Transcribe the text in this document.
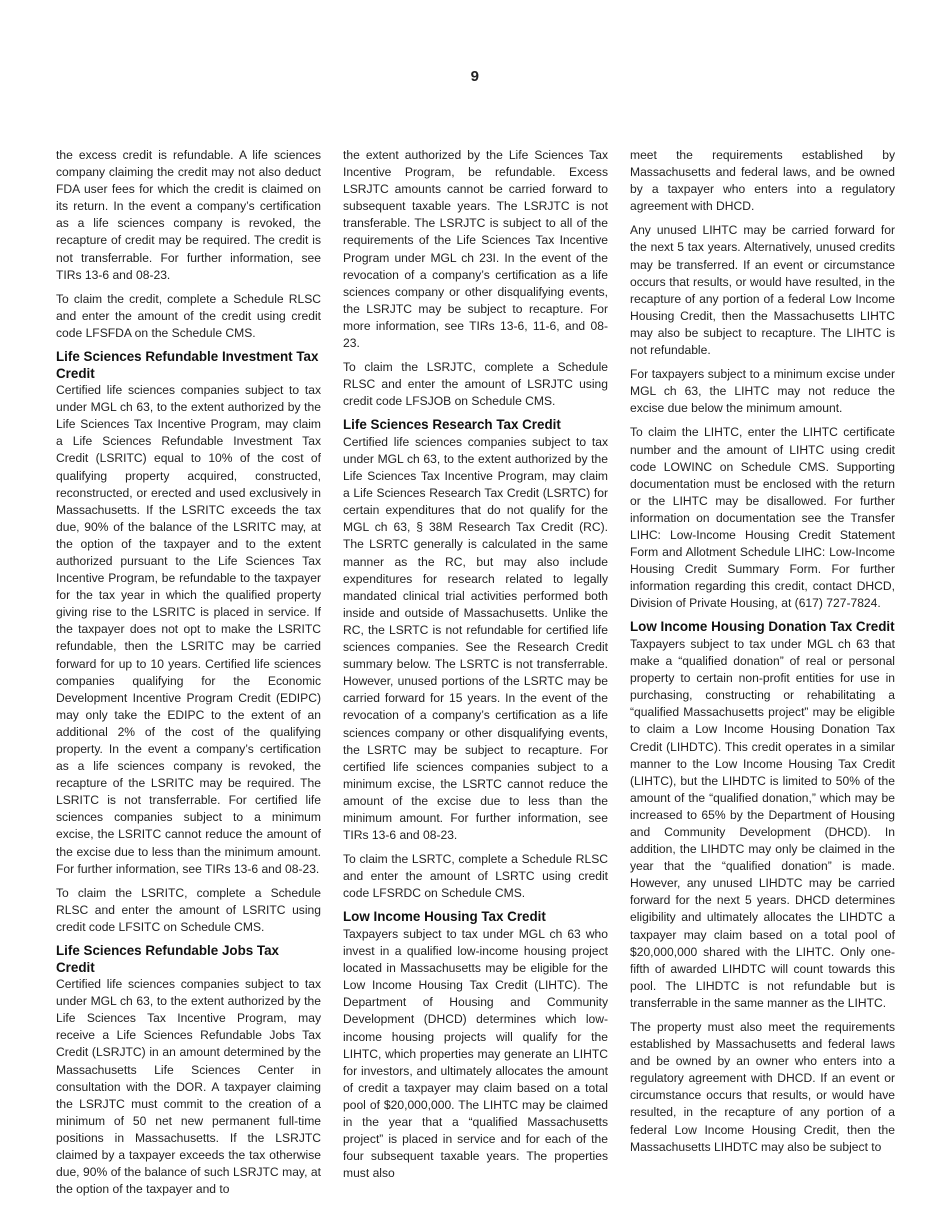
9

the excess credit is refundable. A life sciences company claiming the credit may not also deduct FDA user fees for which the credit is claimed on its return. In the event a company’s certification as a life sciences company is revoked, the recapture of credit may be required. The credit is not transferrable. For further information, see TIRs 13-6 and 08-23.

To claim the credit, complete a Schedule RLSC and enter the amount of the credit using credit code LFSFDA on the Schedule CMS.

Life Sciences Refundable Investment Tax Credit

Certified life sciences companies subject to tax under MGL ch 63, to the extent authorized by the Life Sciences Tax Incentive Program, may claim a Life Sciences Refundable Investment Tax Credit (LSRITC) equal to 10% of the cost of qualifying property acquired, constructed, reconstructed, or erected and used exclusively in Massachusetts. If the LSRITC exceeds the tax due, 90% of the balance of the LSRITC may, at the option of the taxpayer and to the extent authorized pursuant to the Life Sciences Tax Incentive Program, be refundable to the taxpayer for the tax year in which the qualified property giving rise to the LSRITC is placed in service. If the taxpayer does not opt to make the LSRITC refundable, then the LSRITC may be carried forward for up to 10 years. Certified life sciences companies qualifying for the Economic Development Incentive Program Credit (EDIPC) may only take the EDIPC to the extent of an additional 2% of the cost of the qualifying property. In the event a company’s certification as a life sciences company is revoked, the recapture of the LSRITC may be required. The LSRITC is not transferrable. For certified life sciences companies subject to a minimum excise, the LSRITC cannot reduce the amount of the excise due to less than the minimum amount. For further information, see TIRs 13-6 and 08-23.

To claim the LSRITC, complete a Schedule RLSC and enter the amount of LSRITC using credit code LFSITC on Schedule CMS.

Life Sciences Refundable Jobs Tax Credit

Certified life sciences companies subject to tax under MGL ch 63, to the extent authorized by the Life Sciences Tax Incentive Program, may receive a Life Sciences Refundable Jobs Tax Credit (LSRJTC) in an amount determined by the Massachusetts Life Sciences Center in consultation with the DOR. A taxpayer claiming the LSRJTC must commit to the creation of a minimum of 50 net new permanent full-time positions in Massachusetts. If the LSRJTC claimed by a taxpayer exceeds the tax otherwise due, 90% of the balance of such LSRJTC may, at the option of the taxpayer and to

the extent authorized by the Life Sciences Tax Incentive Program, be refundable. Excess LSRJTC amounts cannot be carried forward to subsequent taxable years. The LSRJTC is not transferable. The LSRJTC is subject to all of the requirements of the Life Sciences Tax Incentive Program under MGL ch 23I. In the event of the revocation of a company’s certification as a life sciences company or other disqualifying events, the LSRJTC may be subject to recapture. For more information, see TIRs 13-6, 11-6, and 08-23.

To claim the LSRJTC, complete a Schedule RLSC and enter the amount of LSRJTC using credit code LFSJOB on Schedule CMS.

Life Sciences Research Tax Credit

Certified life sciences companies subject to tax under MGL ch 63, to the extent authorized by the Life Sciences Tax Incentive Program, may claim a Life Sciences Research Tax Credit (LSRTC) for certain expenditures that do not qualify for the MGL ch 63, § 38M Research Tax Credit (RC). The LSRTC generally is calculated in the same manner as the RC, but may also include expenditures for research related to legally mandated clinical trial activities performed both inside and outside of Massachusetts. Unlike the RC, the LSRTC is not refundable for certified life sciences companies. See the Research Credit summary below. The LSRTC is not transferrable. However, unused portions of the LSRTC may be carried forward for 15 years. In the event of the revocation of a company’s certification as a life sciences company or other disqualifying events, the LSRTC may be subject to recapture. For certified life sciences companies subject to a minimum excise, the LSRTC cannot reduce the amount of the excise due to less than the minimum amount. For further information, see TIRs 13-6 and 08-23.

To claim the LSRTC, complete a Schedule RLSC and enter the amount of LSRTC using credit code LFSRDC on Schedule CMS.

Low Income Housing Tax Credit

Taxpayers subject to tax under MGL ch 63 who invest in a qualified low-income housing project located in Massachusetts may be eligible for the Low Income Housing Tax Credit (LIHTC). The Department of Housing and Community Development (DHCD) determines which low-income housing projects will qualify for the LIHTC, which properties may generate an LIHTC for investors, and ultimately allocates the amount of credit a taxpayer may claim based on a total pool of $20,000,000. The LIHTC may be claimed in the year that a “qualified Massachusetts project” is placed in service and for each of the four subsequent taxable years. The properties must also

meet the requirements established by Massachusetts and federal laws, and be owned by a taxpayer who enters into a regulatory agreement with DHCD.

Any unused LIHTC may be carried forward for the next 5 tax years. Alternatively, unused credits may be transferred. If an event or circumstance occurs that results, or would have resulted, in the recapture of any portion of a federal Low Income Housing Credit, then the Massachusetts LIHTC may also be subject to recapture. The LIHTC is not refundable.

For taxpayers subject to a minimum excise under MGL ch 63, the LIHTC may not reduce the excise due below the minimum amount.

To claim the LIHTC, enter the LIHTC certificate number and the amount of LIHTC using credit code LOWINC on Schedule CMS. Supporting documentation must be enclosed with the return or the LIHTC may be disallowed. For further information on documentation see the Transfer LIHC: Low-Income Housing Credit Statement Form and Allotment Schedule LIHC: Low-Income Housing Credit Summary Form. For further information regarding this credit, contact DHCD, Division of Private Housing, at (617) 727-7824.

Low Income Housing Donation Tax Credit

Taxpayers subject to tax under MGL ch 63 that make a “qualified donation” of real or personal property to certain non-profit entities for use in purchasing, constructing or rehabilitating a “qualified Massachusetts project” may be eligible to claim a Low Income Housing Donation Tax Credit (LIHDTC). This credit operates in a similar manner to the Low Income Housing Tax Credit (LIHTC), but the LIHDTC is limited to 50% of the amount of the “qualified donation,” which may be increased to 65% by the Department of Housing and Community Development (DHCD). In addition, the LIHDTC may only be claimed in the year that the “qualified donation” is made. However, any unused LIHDTC may be carried forward for the next 5 years. DHCD determines eligibility and ultimately allocates the LIHDTC a taxpayer may claim based on a total pool of $20,000,000 shared with the LIHTC. Only one-fifth of awarded LIHDTC will count towards this pool. The LIHDTC is not refundable but is transferrable in the same manner as the LIHTC.

The property must also meet the requirements established by Massachusetts and federal laws and be owned by an owner who enters into a regulatory agreement with DHCD. If an event or circumstance occurs that results, or would have resulted, in the recapture of any portion of a federal Low Income Housing Credit, then the Massachusetts LIHDTC may also be subject to
